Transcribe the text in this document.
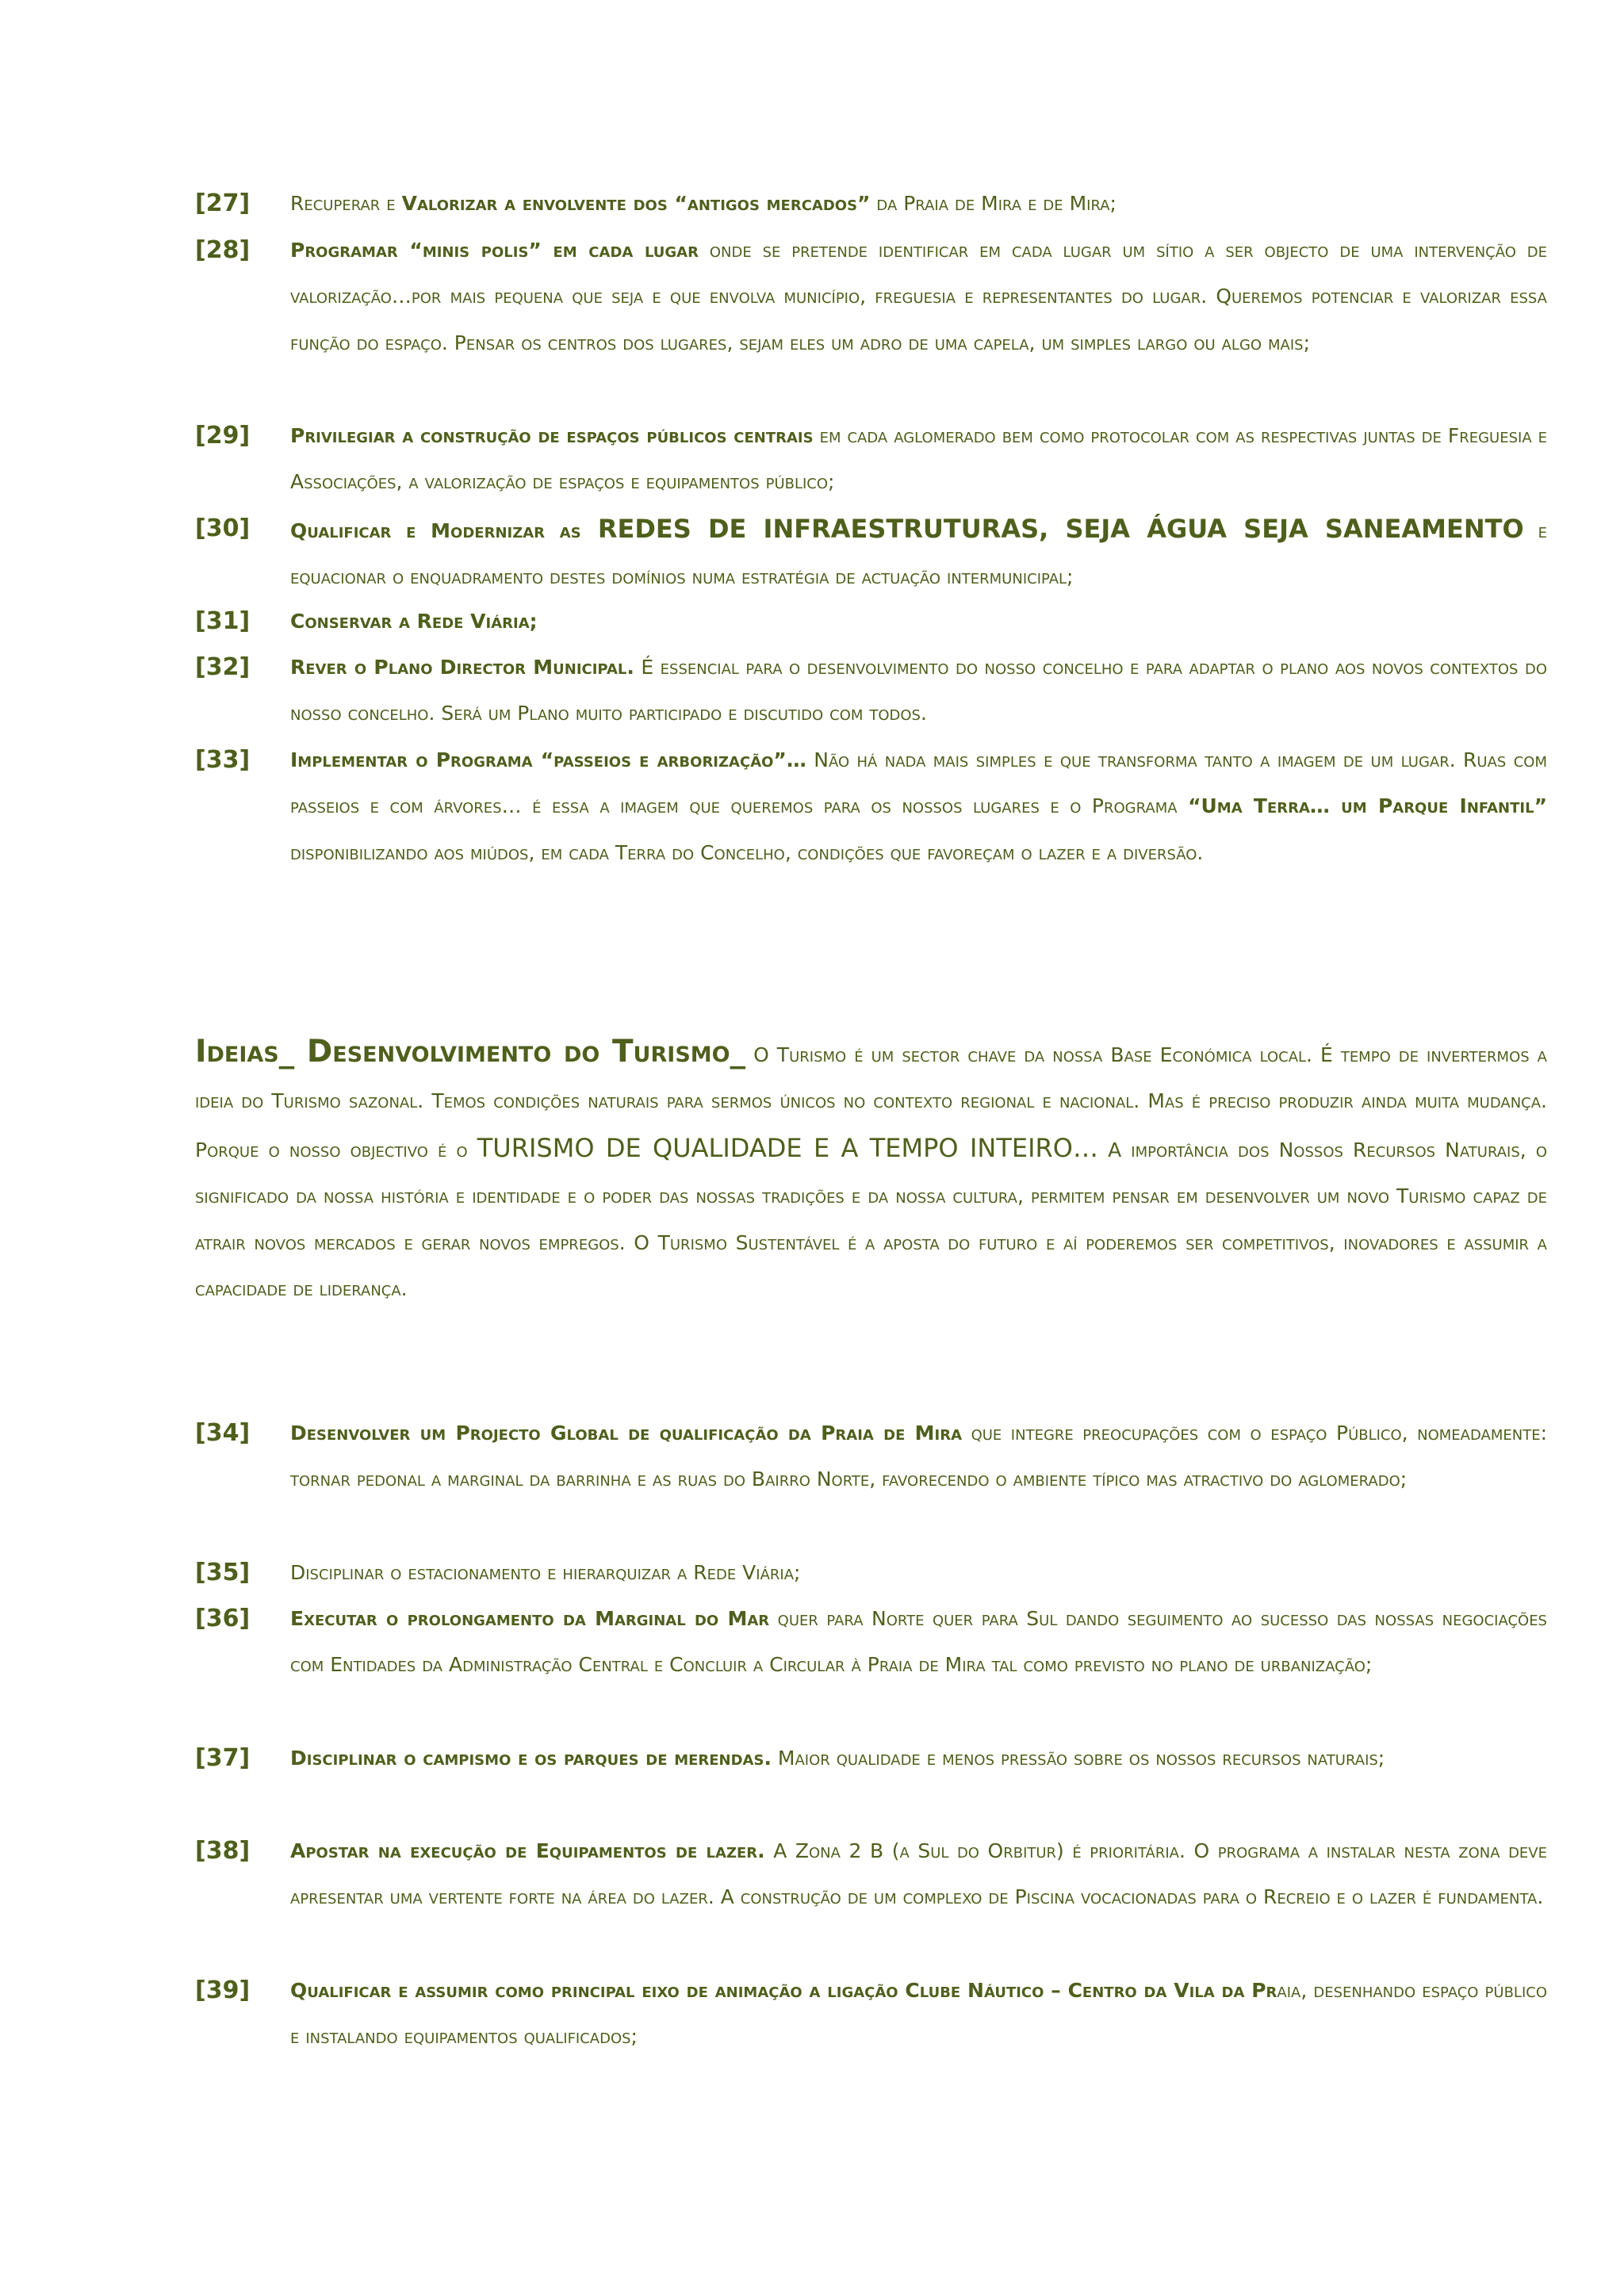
[27] Recuperar e Valorizar a envolvente dos “antigos mercados” da Praia de Mira e de Mira;
[28] Programar “minis polis” em cada lugar onde se pretende identificar em cada lugar um sítio a ser objecto de uma intervenção de valorização…por mais pequena que seja e que envolva município, freguesia e representantes do lugar. Queremos potenciar e valorizar essa função do espaço. Pensar os centros dos lugares, sejam eles um adro de uma capela, um simples largo ou algo mais;
[29] Privilegiar a construção de espaços públicos centrais em cada aglomerado bem como protocolar com as respectivas juntas de Freguesia e Associações, a valorização de espaços e equipamentos público;
[30] Qualificar e Modernizar as REDES DE INFRAESTRUTURAS, SEJA ÁGUA SEJA SANEAMENTO e equacionar o enquadramento destes domínios numa estratégia de actuação intermunicipal;
[31] Conservar a Rede Viária;
[32] Rever o Plano Director Municipal. É essencial para o desenvolvimento do nosso concelho e para adaptar o plano aos novos contextos do nosso concelho. Será um Plano muito participado e discutido com todos.
[33] Implementar o Programa “passeios e arborização”… Não há nada mais simples e que transforma tanto a imagem de um lugar. Ruas com passeios e com árvores… é essa a imagem que queremos para os nossos lugares e o Programa “Uma Terra… um Parque Infantil” disponibilizando aos miúdos, em cada Terra do Concelho, condições que favoreçam o lazer e a diversão.
Ideias_ Desenvolvimento do Turismo_ O Turismo é um sector chave da nossa Base Económica local. É tempo de invertermos a ideia do Turismo sazonal. Temos condições naturais para sermos únicos no contexto regional e nacional. Mas é preciso produzir ainda muita mudança. Porque o nosso objectivo é o TURISMO DE QUALIDADE E A TEMPO INTEIRO… A importância dos Nossos Recursos Naturais, o significado da nossa história e identidade e o poder das nossas tradições e da nossa cultura, permitem pensar em desenvolver um novo Turismo capaz de atrair novos mercados e gerar novos empregos. O Turismo Sustentável é a aposta do futuro e aí poderemos ser competitivos, inovadores e assumir a capacidade de liderança.
[34] Desenvolver um Projecto Global de qualificação da Praia de Mira que integre preocupações com o espaço Público, nomeadamente: tornar pedonal a marginal da barrinha e as ruas do Bairro Norte, favorecendo o ambiente típico mas atractivo do aglomerado;
[35] Disciplinar o estacionamento e hierarquizar a Rede Viária;
[36] Executar o prolongamento da Marginal do Mar quer para Norte quer para Sul dando seguimento ao sucesso das nossas negociações com Entidades da Administração Central e Concluir a Circular à Praia de Mira tal como previsto no plano de urbanização;
[37] Disciplinar o campismo e os parques de merendas. Maior qualidade e menos pressão sobre os nossos recursos naturais;
[38] Apostar na execução de Equipamentos de lazer. A Zona 2 B (a Sul do Orbitur) é prioritária. O programa a instalar nesta zona deve apresentar uma vertente forte na área do lazer. A construção de um complexo de Piscina vocacionadas para o Recreio e o lazer é fundamenta.
[39] Qualificar e assumir como principal eixo de animação a ligação Clube Náutico – Centro da Vila da Praia, desenhando espaço público e instalando equipamentos qualificados;
